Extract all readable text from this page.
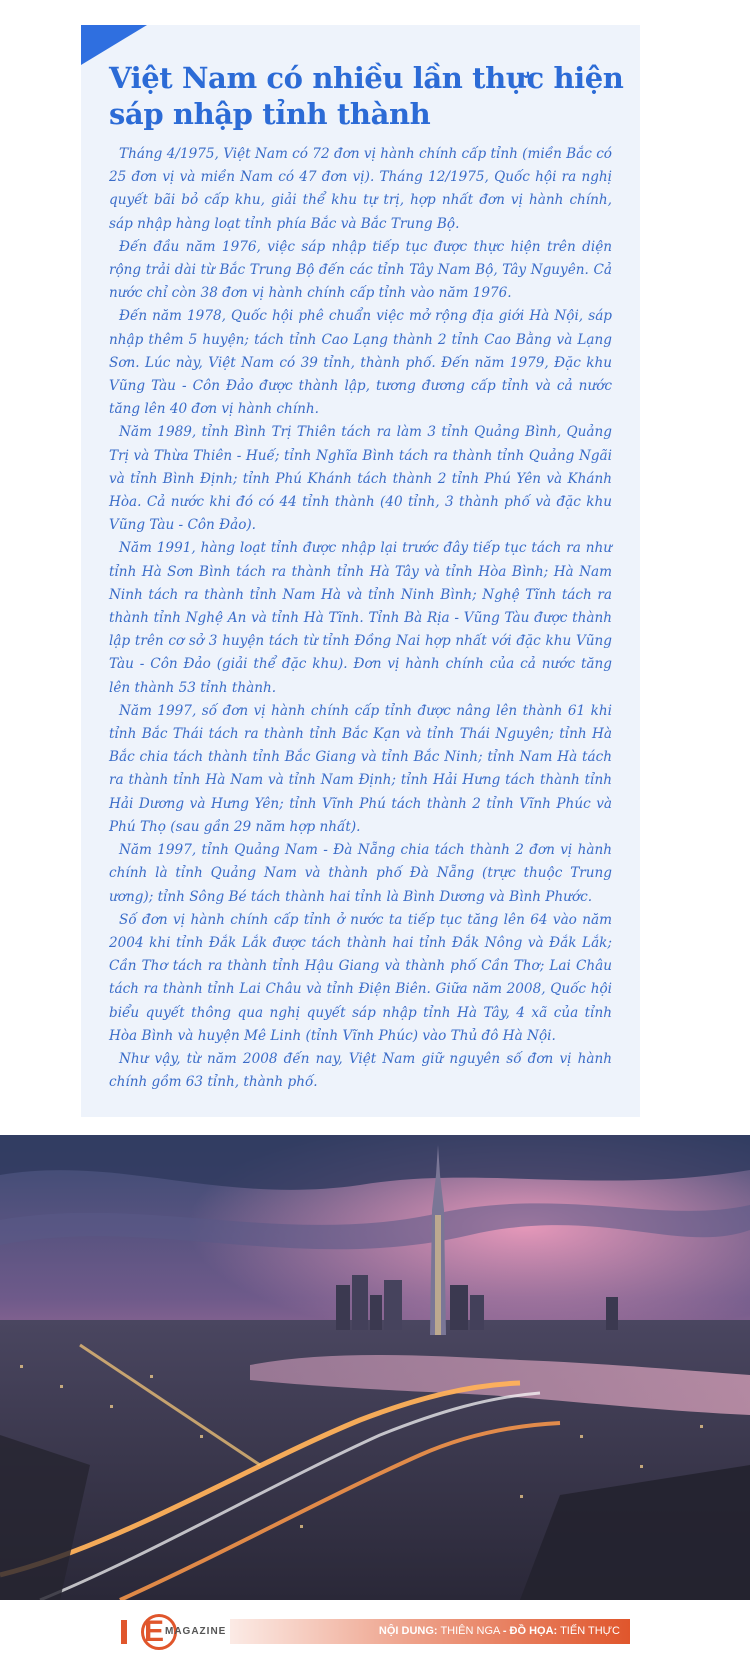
Việt Nam có nhiều lần thực hiện sáp nhập tỉnh thành

Tháng 4/1975, Việt Nam có 72 đơn vị hành chính cấp tỉnh (miền Bắc có 25 đơn vị và miền Nam có 47 đơn vị). Tháng 12/1975, Quốc hội ra nghị quyết bãi bỏ cấp khu, giải thể khu tự trị, hợp nhất đơn vị hành chính, sáp nhập hàng loạt tỉnh phía Bắc và Bắc Trung Bộ.

Đến đầu năm 1976, việc sáp nhập tiếp tục được thực hiện trên diện rộng trải dài từ Bắc Trung Bộ đến các tỉnh Tây Nam Bộ, Tây Nguyên. Cả nước chỉ còn 38 đơn vị hành chính cấp tỉnh vào năm 1976.

Đến năm 1978, Quốc hội phê chuẩn việc mở rộng địa giới Hà Nội, sáp nhập thêm 5 huyện; tách tỉnh Cao Lạng thành 2 tỉnh Cao Bằng và Lạng Sơn. Lúc này, Việt Nam có 39 tỉnh, thành phố. Đến năm 1979, Đặc khu Vũng Tàu - Côn Đảo được thành lập, tương đương cấp tỉnh và cả nước tăng lên 40 đơn vị hành chính.

Năm 1989, tỉnh Bình Trị Thiên tách ra làm 3 tỉnh Quảng Bình, Quảng Trị và Thừa Thiên - Huế; tỉnh Nghĩa Bình tách ra thành tỉnh Quảng Ngãi và tỉnh Bình Định; tỉnh Phú Khánh tách thành 2 tỉnh Phú Yên và Khánh Hòa. Cả nước khi đó có 44 tỉnh thành (40 tỉnh, 3 thành phố và đặc khu Vũng Tàu - Côn Đảo).

Năm 1991, hàng loạt tỉnh được nhập lại trước đây tiếp tục tách ra như tỉnh Hà Sơn Bình tách ra thành tỉnh Hà Tây và tỉnh Hòa Bình; Hà Nam Ninh tách ra thành tỉnh Nam Hà và tỉnh Ninh Bình; Nghệ Tĩnh tách ra thành tỉnh Nghệ An và tỉnh Hà Tĩnh. Tỉnh Bà Rịa - Vũng Tàu được thành lập trên cơ sở 3 huyện tách từ tỉnh Đồng Nai hợp nhất với đặc khu Vũng Tàu - Côn Đảo (giải thể đặc khu). Đơn vị hành chính của cả nước tăng lên thành 53 tỉnh thành.

Năm 1997, số đơn vị hành chính cấp tỉnh được nâng lên thành 61 khi tỉnh Bắc Thái tách ra thành tỉnh Bắc Kạn và tỉnh Thái Nguyên; tỉnh Hà Bắc chia tách thành tỉnh Bắc Giang và tỉnh Bắc Ninh; tỉnh Nam Hà tách ra thành tỉnh Hà Nam và tỉnh Nam Định; tỉnh Hải Hưng tách thành tỉnh Hải Dương và Hưng Yên; tỉnh Vĩnh Phú tách thành 2 tỉnh Vĩnh Phúc và Phú Thọ (sau gần 29 năm hợp nhất).

Năm 1997, tỉnh Quảng Nam - Đà Nẵng chia tách thành 2 đơn vị hành chính là tỉnh Quảng Nam và thành phố Đà Nẵng (trực thuộc Trung ương); tỉnh Sông Bé tách thành hai tỉnh là Bình Dương và Bình Phước.

Số đơn vị hành chính cấp tỉnh ở nước ta tiếp tục tăng lên 64 vào năm 2004 khi tỉnh Đắk Lắk được tách thành hai tỉnh Đắk Nông và Đắk Lắk; Cần Thơ tách ra thành tỉnh Hậu Giang và thành phố Cần Thơ; Lai Châu tách ra thành tỉnh Lai Châu và tỉnh Điện Biên. Giữa năm 2008, Quốc hội biểu quyết thông qua nghị quyết sáp nhập tỉnh Hà Tây, 4 xã của tỉnh Hòa Bình và huyện Mê Linh (tỉnh Vĩnh Phúc) vào Thủ đô Hà Nội.

Như vậy, từ năm 2008 đến nay, Việt Nam giữ nguyên số đơn vị hành chính gồm 63 tỉnh, thành phố.

E MAGAZINE	NỘI DUNG: THIÊN NGA - ĐỒ HỌA: TIẾN THỰC
